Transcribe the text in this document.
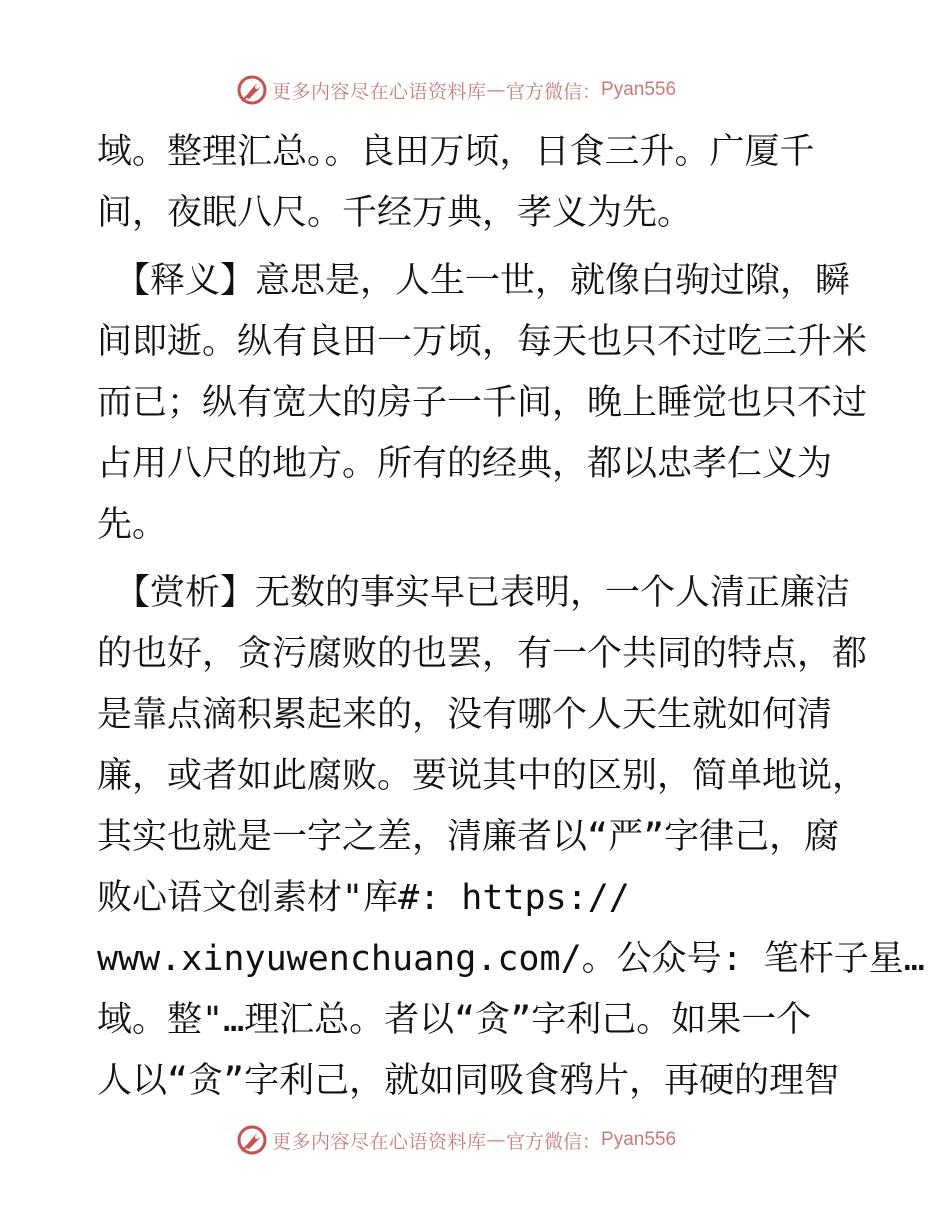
更多内容尽在心语资料库 — 官方微信： Pyan556
域。整理汇总。。良田万顷，日食三升。广厦千
间，夜眠八尺。千经万典，孝义为先。
【释义】意思是，人生一世，就像白驹过隙，瞬
间即逝。纵有良田一万顷，每天也只不过吃三升米
而已；纵有宽大的房子一千间，晚上睡觉也只不过
占用八尺的地方。所有的经典，都以忠孝仁义为
先。
【赏析】无数的事实早已表明，一个人清正廉洁
的也好，贪污腐败的也罢，有一个共同的特点，都
是靠点滴积累起来的，没有哪个人天生就如何清
廉，或者如此腐败。要说其中的区别，简单地说，
其实也就是一字之差，清廉者以“严”字律己，腐
败心语文创素材"库#: https://
www.xinyuwenchuang.com/。公众号: 笔杆子星…
域。整"…理汇总。者以“贪”字利己。如果一个
人以“贪”字利己，就如同吸食鸦片，再硬的理智
更多内容尽在心语资料库 — 官方微信： Pyan556
